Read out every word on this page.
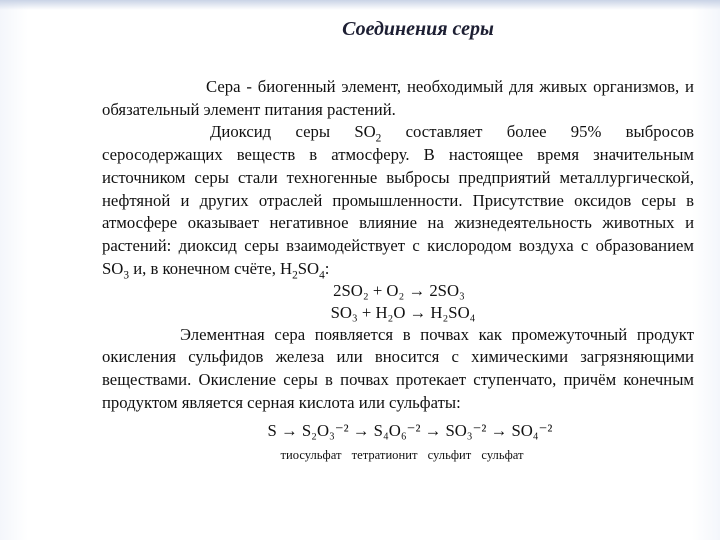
Соединения серы

Сера - биогенный элемент, необходимый для живых организмов, и обязательный элемент питания растений.

Диоксид серы $SO_2$ составляет более 95% выбросов серосодержащих веществ в атмосферу. В настоящее время значительным источником серы стали техногенные выбросы предприятий металлургической, нефтяной и других отраслей промышленности. Присутствие оксидов серы в атмосфере оказывает негативное влияние на жизнедеятельность животных и растений: диоксид серы взаимодействует с кислородом воздуха с образованием $SO_3$ и, в конечном счёте, $H_2SO_4$:

2SO₂ + O₂ → 2SO₃

SO₃ + H₂O → H₂SO₄

Элементная сера появляется в почвах как промежуточный продукт окисления сульфидов железа или вносится с химическими загрязняющими веществами. Окисление серы в почвах протекает ступенчато, причём конечным продуктом является серная кислота или сульфаты:

S → S₂O₃⁻² → S₄O₆⁻² → SO₃⁻² → SO₄⁻²

тиосульфат тетратионит сульфит сульфат
